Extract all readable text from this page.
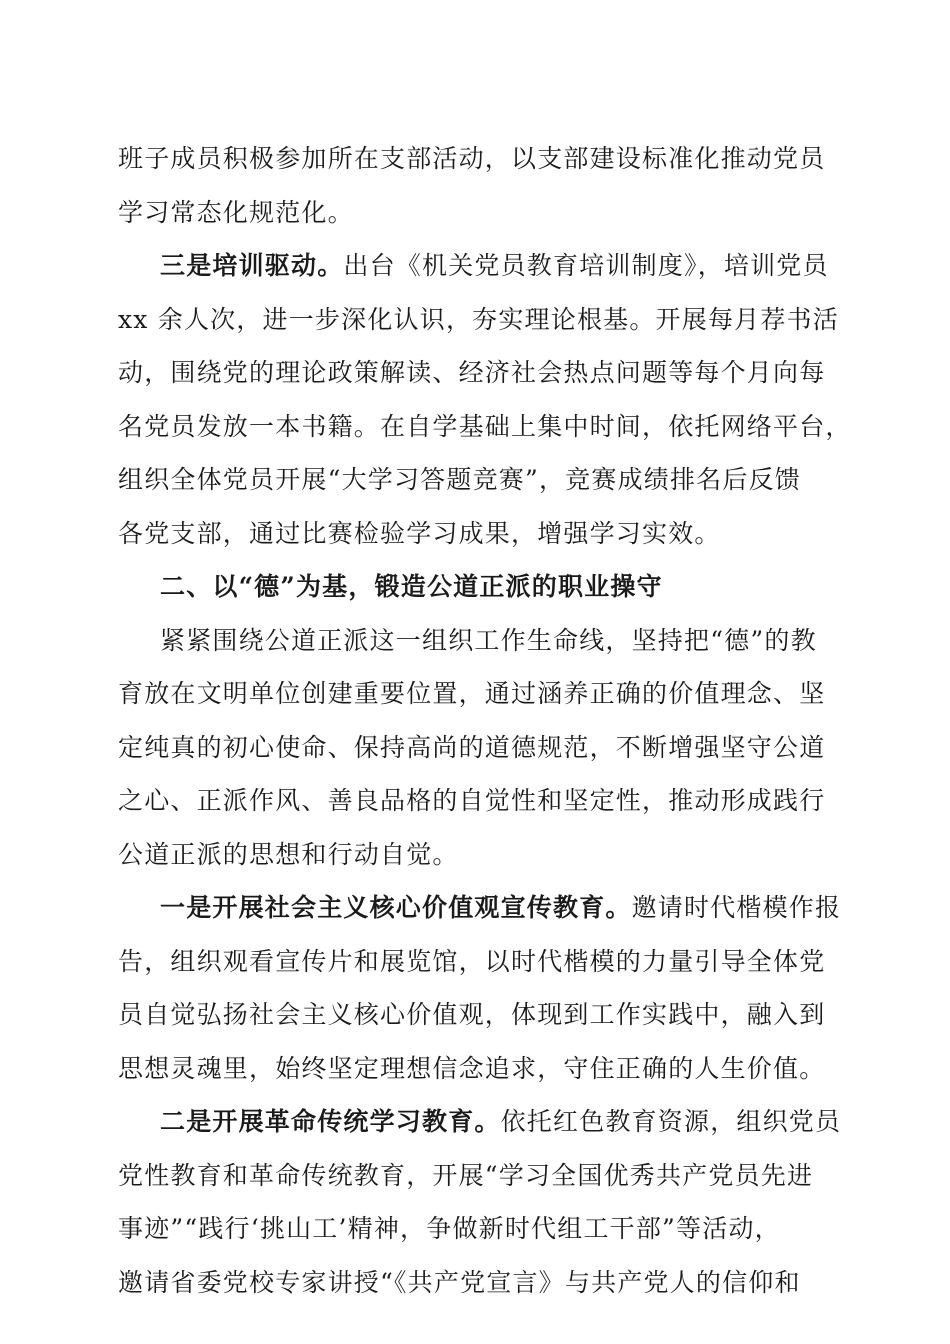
班子成员积极参加所在支部活动，以支部建设标准化推动党员
学习常态化规范化。
三是培训驱动。出台《机关党员教育培训制度》，培训党员
xx 余人次，进一步深化认识，夯实理论根基。开展每月荐书活
动，围绕党的理论政策解读、经济社会热点问题等每个月向每
名党员发放一本书籍。在自学基础上集中时间，依托网络平台，
组织全体党员开展“大学习答题竞赛”，竞赛成绩排名后反馈
各党支部，通过比赛检验学习成果，增强学习实效。
二、以“德”为基，锻造公道正派的职业操守
紧紧围绕公道正派这一组织工作生命线，坚持把“德”的教
育放在文明单位创建重要位置，通过涵养正确的价值理念、坚
定纯真的初心使命、保持高尚的道德规范，不断增强坚守公道
之心、正派作风、善良品格的自觉性和坚定性，推动形成践行
公道正派的思想和行动自觉。
一是开展社会主义核心价值观宣传教育。邀请时代楷模作报
告，组织观看宣传片和展览馆，以时代楷模的力量引导全体党
员自觉弘扬社会主义核心价值观，体现到工作实践中，融入到
思想灵魂里，始终坚定理想信念追求，守住正确的人生价值。
二是开展革命传统学习教育。依托红色教育资源，组织党员
党性教育和革命传统教育，开展“学习全国优秀共产党员先进
事迹”“践行‘挑山工’精神，争做新时代组工干部”等活动，
邀请省委党校专家讲授“《共产党宣言》与共产党人的信仰和
